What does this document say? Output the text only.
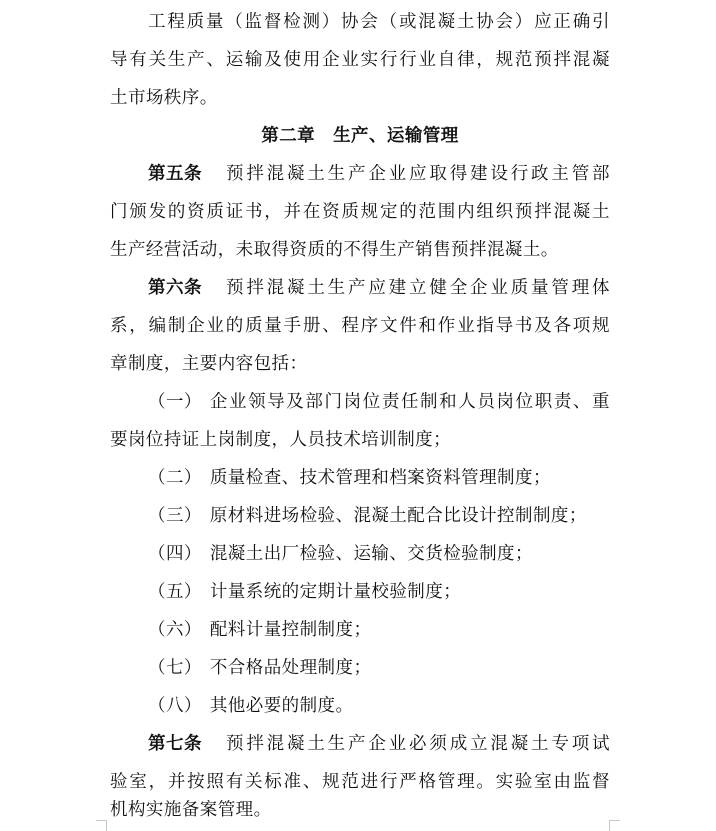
工程质量（监督检测）协会（或混凝土协会）应正确引
导有关生产、运输及使用企业实行行业自律，规范预拌混凝
土市场秩序。
第二章　生产、运输管理
第五条 预拌混凝土生产企业应取得建设行政主管部
门颁发的资质证书，并在资质规定的范围内组织预拌混凝土
生产经营活动，未取得资质的不得生产销售预拌混凝土。
第六条 预拌混凝土生产应建立健全企业质量管理体
系，编制企业的质量手册、程序文件和作业指导书及各项规
章制度，主要内容包括：
（一） 企业领导及部门岗位责任制和人员岗位职责、重
要岗位持证上岗制度，人员技术培训制度；
（二） 质量检查、技术管理和档案资料管理制度；
（三） 原材料进场检验、混凝土配合比设计控制制度；
（四） 混凝土出厂检验、运输、交货检验制度；
（五） 计量系统的定期计量校验制度；
（六） 配料计量控制制度；
（七） 不合格品处理制度；
（八） 其他必要的制度。
第七条 预拌混凝土生产企业必须成立混凝土专项试
验室，并按照有关标准、规范进行严格管理。实验室由监督
机构实施备案管理。
